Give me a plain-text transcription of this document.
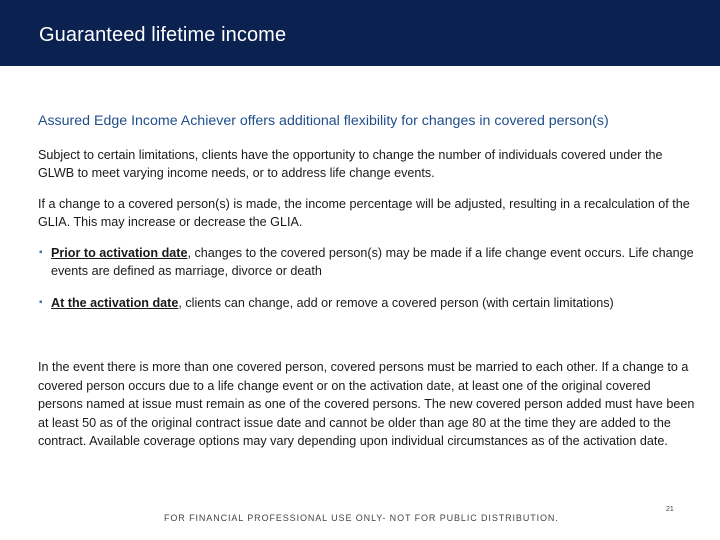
Guaranteed lifetime income
Assured Edge Income Achiever offers additional flexibility for changes in covered person(s)
Subject to certain limitations, clients have the opportunity to change the number of individuals covered under the GLWB to meet varying income needs, or to address life change events.
If a change to a covered person(s) is made, the income percentage will be adjusted, resulting in a recalculation of the GLIA. This may increase or decrease the GLIA.
▪ Prior to activation date, changes to the covered person(s) may be made if a life change event occurs. Life change events are defined as marriage, divorce or death
▪ At the activation date, clients can change, add or remove a covered person (with certain limitations)
In the event there is more than one covered person, covered persons must be married to each other. If a change to a covered person occurs due to a life change event or on the activation date, at least one of the original covered persons named at issue must remain as one of the covered persons. The new covered person added must have been at least 50 as of the original contract issue date and cannot be older than age 80 at the time they are added to the contract. Available coverage options may vary depending upon individual circumstances as of the activation date.
FOR FINANCIAL PROFESSIONAL USE ONLY- NOT FOR PUBLIC DISTRIBUTION.
21
